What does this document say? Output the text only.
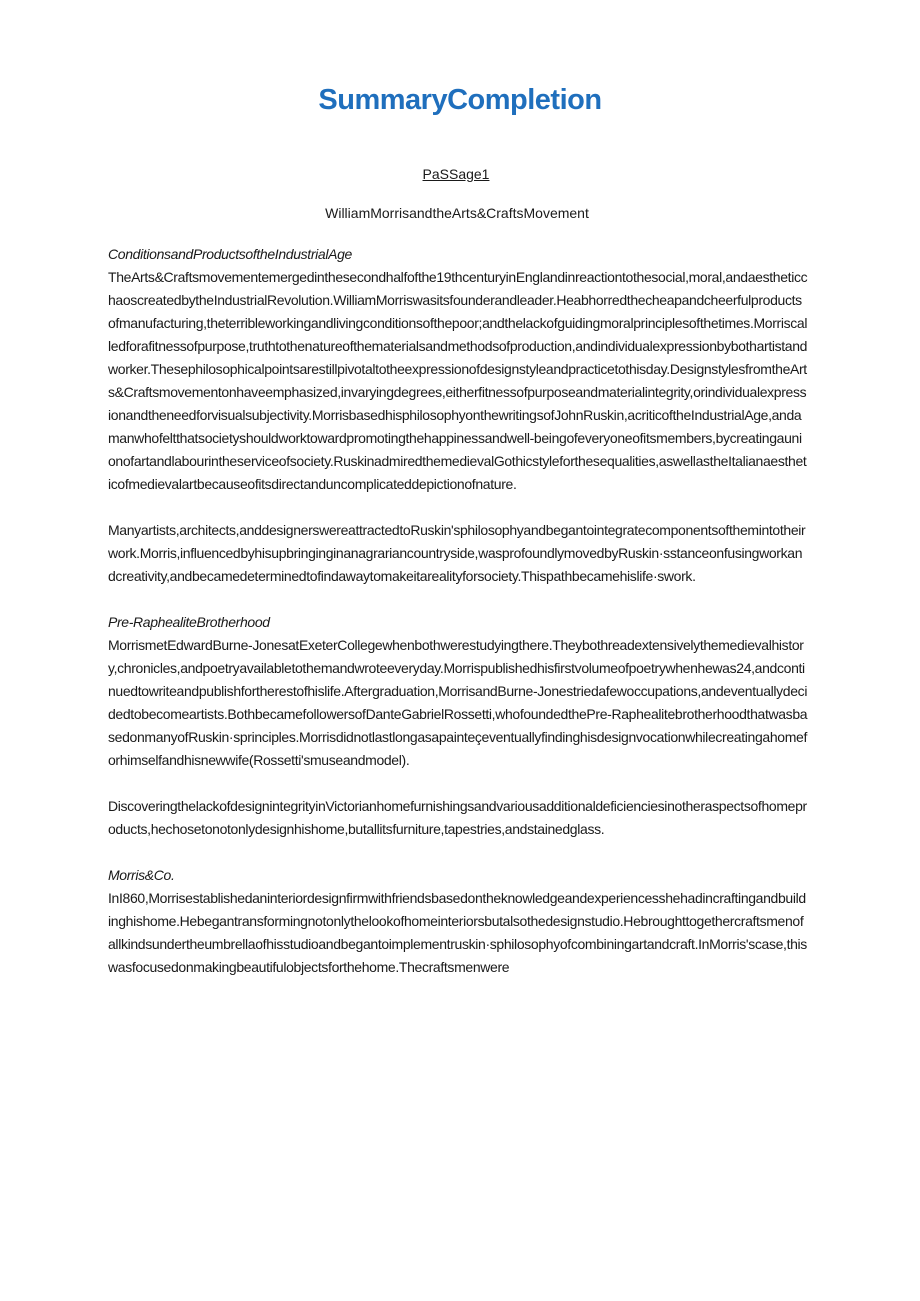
SummaryCompletion
PaSSage1
WilliamMorrisandtheArts&CraftsMovement

ConditionsandProductsoftheIndustrialAge

TheArts&Craftsmovementemergedinthesecondhalfofthe19thcenturyinEnglandinreactiontothesocial,moral,andaestheticchaoscreatedbytheIndustrialRevolution.WilliamMorriswasitsfounderandleader.Heabhorredthecheapandcheerfulproductsofmanufacturing,theterribleworkingandlivingconditionsofthepoor;andthelackofguidingmoralprinciplesofthetimes.Morriscalledforafitnessofpurpose,truthtothenatureofthematerialsandmethodsofproduction,andindividualexpressionbybothartistandworker.Thesephilosophicalpointsarestillpivotaltotheexpressionofdesignstyleandpracticetothisday.DesignstylesfromtheArts&Craftsmovementonhaveemphasized,invaryingdegrees,eitherfitnessofpurposeandmaterialintegrity,orindividualexpressionandtheneedforvisualsubjectivity.MorrisbasedhisphilosophyonthewritingsofJohnRuskin,acriticoftheIndustrialAge,andamanwhofeltthatsocietyshouldworktowardpromotingthehappinessandwell-beingofeveryoneofitsmembers,bycreatingaunionofartandlabourintheserviceofsociety.RuskinadmiredthemedievalGothicstyleforthesequalities,aswellastheItalianaestheticofmedievalartbecauseofitsdirectanduncomplicateddepictionofnature.

Manyartists,architects,anddesignerswereattractedtoRuskin'sphilosophyandbegantointegratecomponentsofthemintotheirwork.Morris,influencedbyhisupbringinginanagrariancountryside,wasprofoundlymovedbyRuskin·sstanceonfusingworkandcreativity,andbecamedeterminedtofindawaytomakeitarealityforsociety.Thispathbecamehislife·swork.

Pre-RaphealiteBrotherhood

MorrismetEdwardBurne-JonesatExeterCollegewhenbothwerestudyingthere.Theybothreadextensivelythemedievalhistory,chronicles,andpoetryavailabletothemandwroteeveryday.Morrispublishedhisfirstvolumeofpoetrywhenhewas24,andcontinuedtowriteandpublishfortherestofhislife.Aftergraduation,MorrisandBurne-Jonestriedafewoccupations,andeventuallydecidedtobecomeartists.BothbecamefollowersofDanteGabrielRossetti,whofoundedthePre-RaphealitebrotherhoodthatwasbasedonmanyofRuskin·sprinciples.Morrisdidnotlastlongasapainteçeventuallyfindinghisdesignvocationwhilecreatingahomeforhimselfandhisnewwife(Rossetti'smuseandmodel).

DiscoveringthelackofdesignintegrityinVictorianhomefurnishingsandvariousadditionaldeficienciesinotheraspectsofhomeproducts,hechosetonotonlydesignhishome,butallitsfurniture,tapestries,andstainedglass.

Morris&Co.

InI860,Morrisestablishedaninteriordesignfirmwithfriendsbasedontheknowledgeandexperiencesshehadincraftingandbuildinghishome.Hebegantransformingnotonlythelookofhomeinteriorsbutalsothedesignstudio.Hebroughttogethercraftsmenofallkindsundertheumbrellaofhisstudioandbegantoimplementruskin·sphilosophyofcombiningartandcraft.InMorris'scase,thiswasfocusedonmakingbeautifulobjectsforthehome.Thecraftsmenwere
